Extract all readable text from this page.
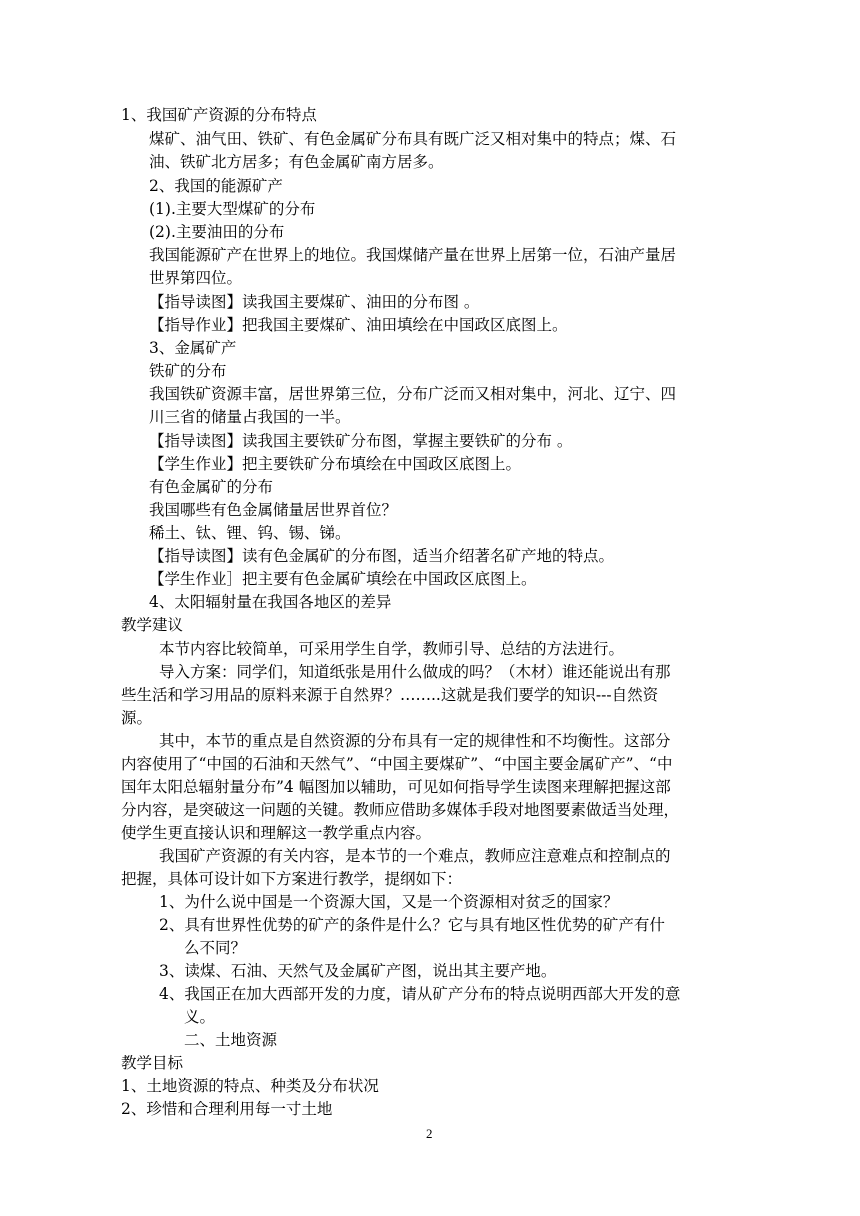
1、我国矿产资源的分布特点
煤矿、油气田、铁矿、有色金属矿分布具有既广泛又相对集中的特点；煤、石
油、铁矿北方居多；有色金属矿南方居多。
2、我国的能源矿产
(1).主要大型煤矿的分布
(2).主要油田的分布
我国能源矿产在世界上的地位。我国煤储产量在世界上居第一位，石油产量居
世界第四位。
【指导读图】读我国主要煤矿、油田的分布图 。
【指导作业】把我国主要煤矿、油田填绘在中国政区底图上。
3、金属矿产
铁矿的分布
我国铁矿资源丰富，居世界第三位，分布广泛而又相对集中，河北、辽宁、四
川三省的储量占我国的一半。
【指导读图】读我国主要铁矿分布图，掌握主要铁矿的分布 。
【学生作业】把主要铁矿分布填绘在中国政区底图上。
有色金属矿的分布
我国哪些有色金属储量居世界首位？
稀土、钛、锂、钨、锡、锑。
【指导读图】读有色金属矿的分布图，适当介绍著名矿产地的特点。
【学生作业］把主要有色金属矿填绘在中国政区底图上。
4、太阳辐射量在我国各地区的差异
教学建议
本节内容比较简单，可采用学生自学，教师引导、总结的方法进行。
导入方案：同学们，知道纸张是用什么做成的吗？（木材）谁还能说出有那
些生活和学习用品的原料来源于自然界？……..这就是我们要学的知识---自然资
源。
其中，本节的重点是自然资源的分布具有一定的规律性和不均衡性。这部分
内容使用了“中国的石油和天然气”、“中国主要煤矿”、“中国主要金属矿产”、“中
国年太阳总辐射量分布”4 幅图加以辅助，可见如何指导学生读图来理解把握这部
分内容，是突破这一问题的关键。教师应借助多媒体手段对地图要素做适当处理，
使学生更直接认识和理解这一教学重点内容。
我国矿产资源的有关内容，是本节的一个难点，教师应注意难点和控制点的
把握，具体可设计如下方案进行教学，提纲如下：
1、为什么说中国是一个资源大国，又是一个资源相对贫乏的国家？
2、具有世界性优势的矿产的条件是什么？它与具有地区性优势的矿产有什
么不同？
3、读煤、石油、天然气及金属矿产图，说出其主要产地。
4、我国正在加大西部开发的力度，请从矿产分布的特点说明西部大开发的意
义。
二、土地资源
教学目标
1、土地资源的特点、种类及分布状况
2、珍惜和合理利用每一寸土地
2
